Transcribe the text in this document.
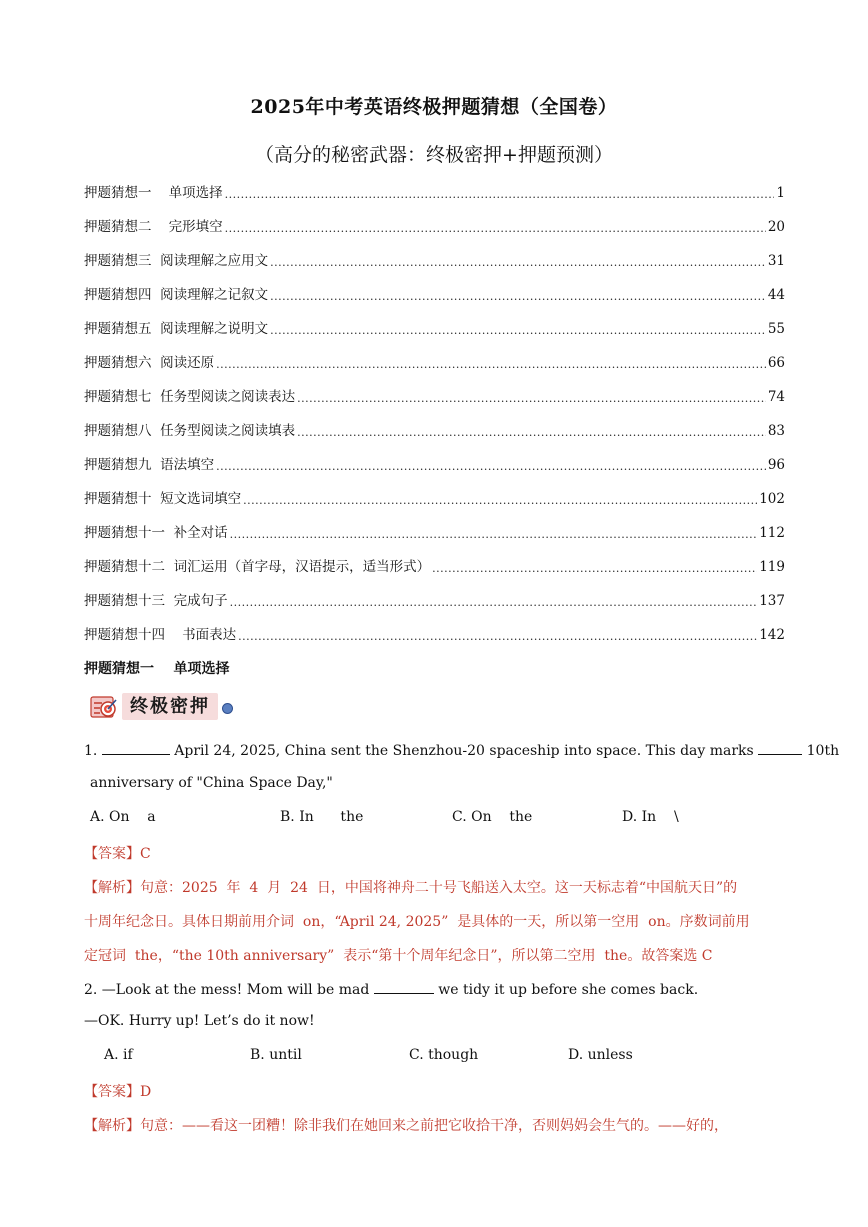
2025年中考英语终极押题猜想（全国卷）
（高分的秘密武器：终极密押+押题预测）
押题猜想一    单项选择 .....	1
押题猜想二    完形填空 .....	20
押题猜想三  阅读理解之应用文 .....	31
押题猜想四  阅读理解之记叙文 .....	44
押题猜想五  阅读理解之说明文 .....	55
押题猜想六  阅读还原 .....	66
押题猜想七  任务型阅读之阅读表达 .....	74
押题猜想八  任务型阅读之阅读填表 .....	83
押题猜想九  语法填空 .....	96
押题猜想十  短文选词填空 .....	102
押题猜想十一  补全对话 .....	112
押题猜想十二  词汇运用（首字母，汉语提示，适当形式） .....	119
押题猜想十三  完成句子 .....	137
押题猜想十四    书面表达 .....	142
押题猜想一    单项选择
终极密押
1.	April 24, 2025, China sent the Shenzhou-20 spaceship into space. This day marks	10th
anniversary of "China Space Day,"
A. On    a	B. In      the	C. On    the	D. In    \
【答案】C
【解析】句意：2025  年  4  月  24  日，中国将神舟二十号飞船送入太空。这一天标志着“中国航天日”的
十周年纪念日。具体日期前用介词  on，“April 24, 2025”  是具体的一天，所以第一空用  on。序数词前用
定冠词  the，“the 10th anniversary”  表示“第十个周年纪念日”，所以第二空用  the。故答案选 C
2. —Look at the mess! Mom will be mad	we tidy it up before she comes back.
—OK. Hurry up! Let’s do it now!
A. if	B. until	C. though	D. unless
【答案】D
【解析】句意：——看这一团糟！除非我们在她回来之前把它收拾干净，否则妈妈会生气的。——好的，
